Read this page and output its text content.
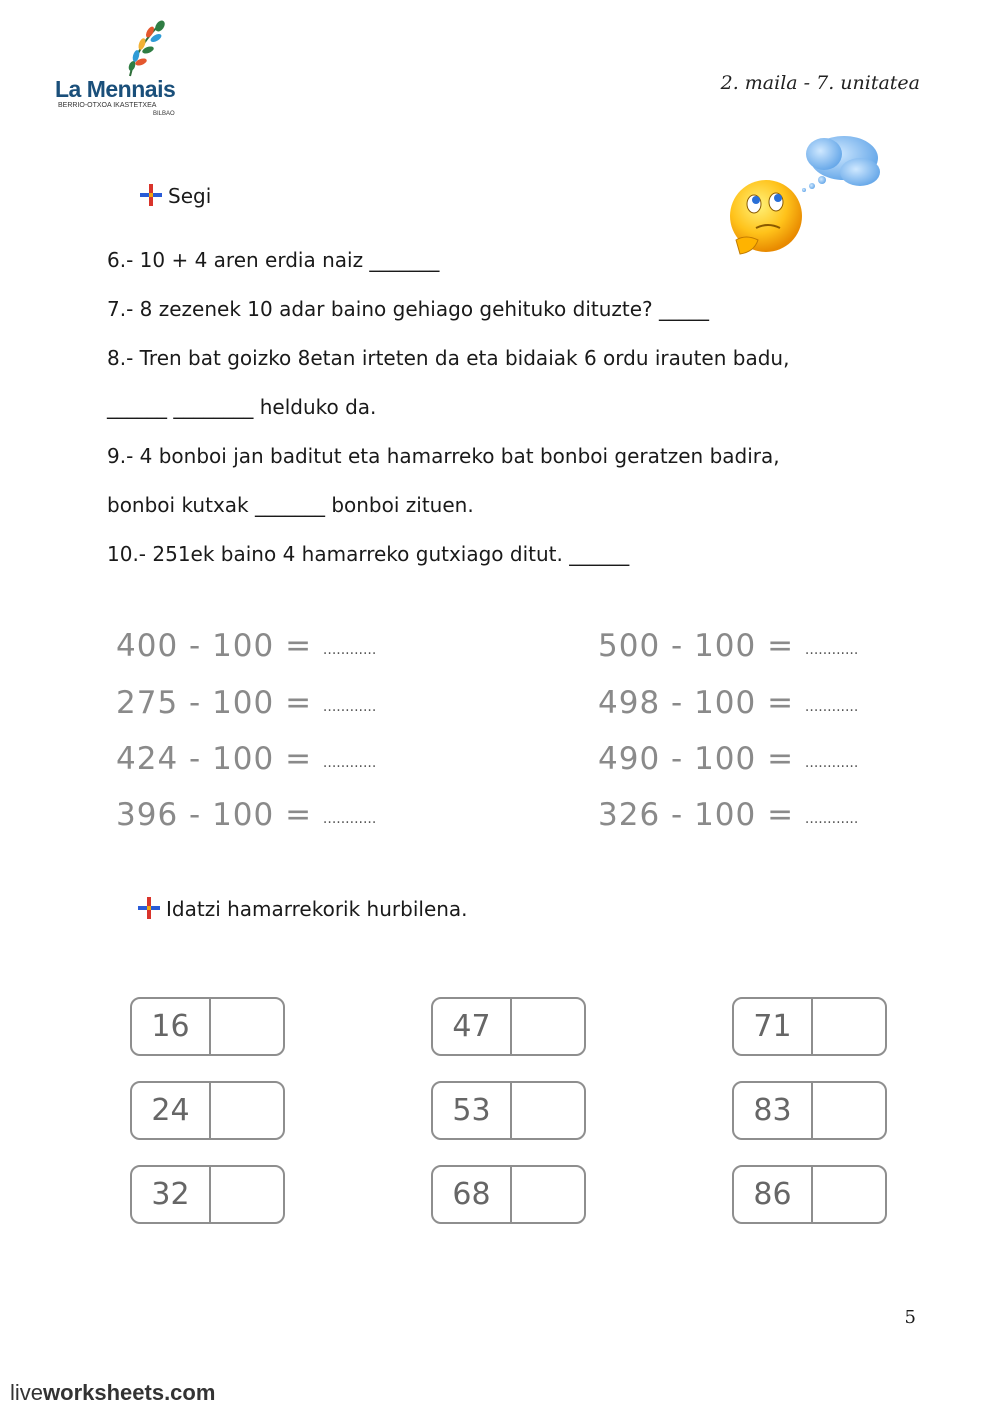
La Mennais
BERRIO-OTXOA IKASTETXEA
BILBAO
2. maila - 7. unitatea
Segi
6.- 10 + 4 aren erdia naiz _______
7.- 8 zezenek 10 adar baino gehiago gehituko dituzte? _____
8.- Tren bat goizko 8etan irteten da eta bidaiak 6 ordu irauten badu,
______ ________ helduko da.
9.- 4 bonboi jan baditut eta hamarreko bat bonboi geratzen badira,
bonboi kutxak _______ bonboi zituen.
10.- 251ek baino 4 hamarreko gutxiago ditut. ______
400 - 100 = ............
275 - 100 = ............
424 - 100 = ............
396 - 100 = ............
500 - 100 = ............
498 - 100 = ............
490 - 100 = ............
326 - 100 = ............
Idatzi hamarrekorik hurbilena.
16
24
32
47
53
68
71
83
86
5
liveworksheets.com
